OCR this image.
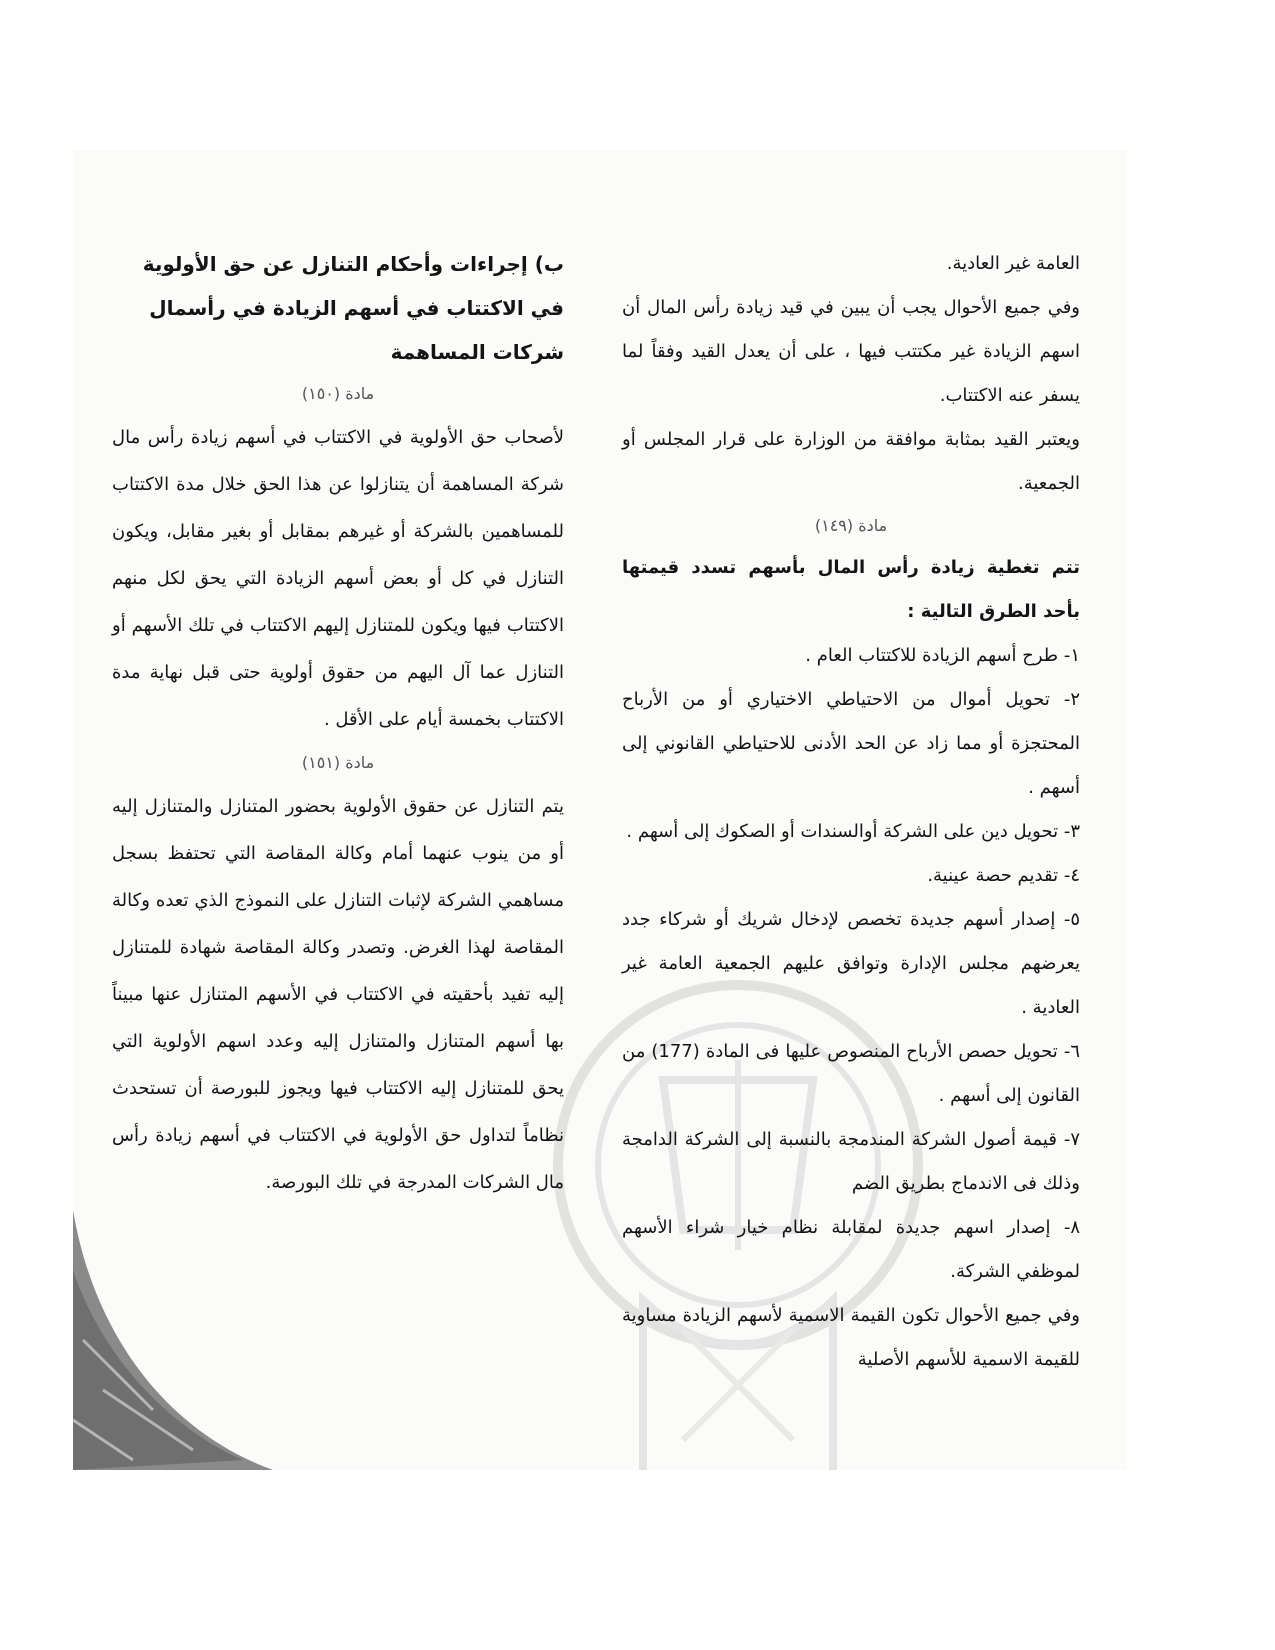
العامة غير العادية.

وفي جميع الأحوال يجب أن يبين في قيد زيادة رأس المال أن اسهم الزيادة غير مكتتب فيها ، على أن يعدل القيد وفقاً لما يسفر عنه الاكتتاب.

ويعتبر القيد بمثابة موافقة من الوزارة على قرار المجلس أو الجمعية.

مادة (١٤٩)

تتم تغطية زيادة رأس المال بأسهم تسدد قيمتها بأحد الطرق التالية :

١- طرح أسهم الزيادة للاكتتاب العام .

٢- تحويل أموال من الاحتياطي الاختياري أو من الأرباح المحتجزة أو مما زاد عن الحد الأدنى للاحتياطي القانوني إلى أسهم .

٣- تحويل دين على الشركة أوالسندات أو الصكوك إلى أسهم .

٤- تقديم حصة عينية.

٥- إصدار أسهم جديدة تخصص لإدخال شريك أو شركاء جدد يعرضهم مجلس الإدارة وتوافق عليهم الجمعية العامة غير العادية .

٦- تحويل حصص الأرباح المنصوص عليها فى المادة (177) من القانون إلى أسهم .

٧- قيمة أصول الشركة المندمجة بالنسبة إلى الشركة الدامجة وذلك فى الاندماج بطريق الضم

٨- إصدار اسهم جديدة لمقابلة نظام خيار شراء الأسهم لموظفي الشركة.

وفي جميع الأحوال تكون القيمة الاسمية لأسهم الزيادة مساوية للقيمة الاسمية للأسهم الأصلية

ب) إجراءات وأحكام التنازل عن حق الأولوية في الاكتتاب في أسهم الزيادة في رأسمال شركات المساهمة

مادة (١٥٠)

لأصحاب حق الأولوية في الاكتتاب في أسهم زيادة رأس مال شركة المساهمة أن يتنازلوا عن هذا الحق خلال مدة الاكتتاب للمساهمين بالشركة أو غيرهم بمقابل أو بغير مقابل، ويكون التنازل في كل أو بعض أسهم الزيادة التي يحق لكل منهم الاكتتاب فيها ويكون للمتنازل إليهم الاكتتاب في تلك الأسهم أو التنازل عما آل اليهم من حقوق أولوية حتى قبل نهاية مدة الاكتتاب بخمسة أيام على الأقل .

مادة (١٥١)

يتم التنازل عن حقوق الأولوية بحضور المتنازل والمتنازل إليه أو من ينوب عنهما أمام وكالة المقاصة التي تحتفظ بسجل مساهمي الشركة لإثبات التنازل على النموذج الذي تعده وكالة المقاصة لهذا الغرض. وتصدر وكالة المقاصة شهادة للمتنازل إليه تفيد بأحقيته في الاكتتاب في الأسهم المتنازل عنها مبيناً بها أسهم المتنازل والمتنازل إليه وعدد اسهم الأولوية التي يحق للمتنازل إليه الاكتتاب فيها ويجوز للبورصة أن تستحدث نظاماً لتداول حق الأولوية في الاكتتاب في أسهم زيادة رأس مال الشركات المدرجة في تلك البورصة.
